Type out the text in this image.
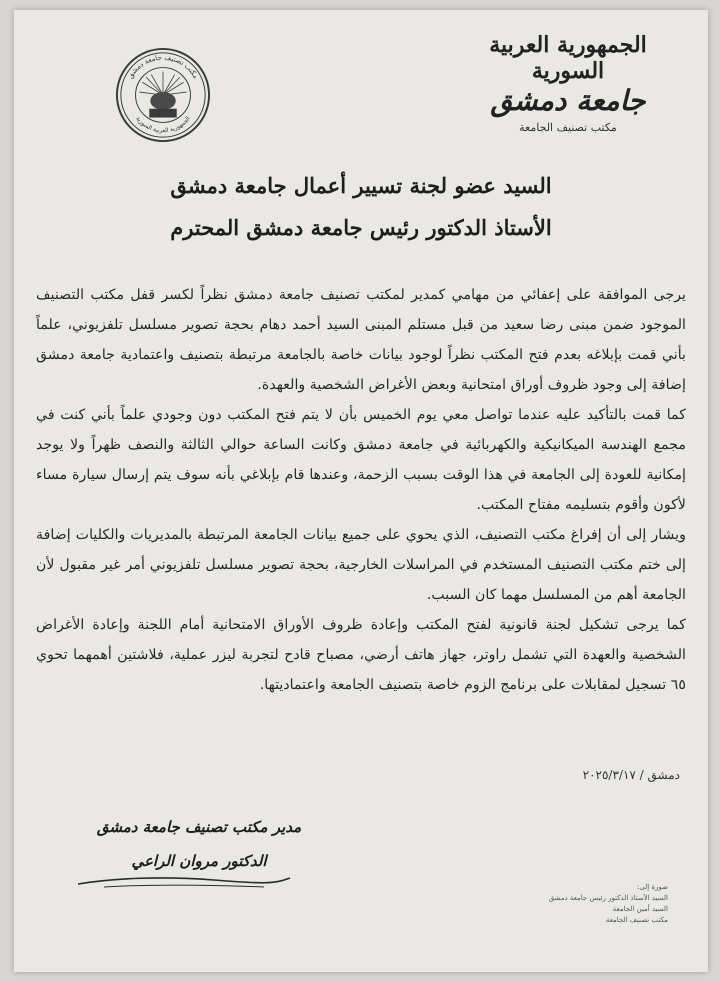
الجمهورية العربية السورية
جامعة دمشق
مكتب تصنيف الجامعة
مكتب تصنيف جامعة دمشق
الجمهورية العربية السورية
السيد عضو لجنة تسيير أعمال جامعة دمشق
الأستاذ الدكتور رئيس جامعة دمشق المحترم

يرجى الموافقة على إعفائي من مهامي كمدير لمكتب تصنيف جامعة دمشق نظراً لكسر قفل مكتب التصنيف الموجود ضمن مبنى رضا سعيد من قبل مستلم المبنى السيد أحمد دهام بحجة تصوير مسلسل تلفزيوني، علماً بأني قمت بإبلاغه بعدم فتح المكتب نظراً لوجود بيانات خاصة بالجامعة مرتبطة بتصنيف واعتمادية جامعة دمشق إضافة إلى وجود ظروف أوراق امتحانية وبعض الأغراض الشخصية والعهدة.

كما قمت بالتأكيد عليه عندما تواصل معي يوم الخميس بأن لا يتم فتح المكتب دون وجودي علماً بأني كنت في مجمع الهندسة الميكانيكية والكهربائية في جامعة دمشق وكانت الساعة حوالي الثالثة والنصف ظهراً ولا يوجد إمكانية للعودة إلى الجامعة في هذا الوقت بسبب الزحمة، وعندها قام بإبلاغي بأنه سوف يتم إرسال سيارة مساء لأكون وأقوم بتسليمه مفتاح المكتب.

ويشار إلى أن إفراغ مكتب التصنيف، الذي يحوي على جميع بيانات الجامعة المرتبطة بالمديريات والكليات إضافة إلى ختم مكتب التصنيف المستخدم في المراسلات الخارجية، بحجة تصوير مسلسل تلفزيوني أمر غير مقبول لأن الجامعة أهم من المسلسل مهما كان السبب.

كما يرجى تشكيل لجنة قانونية لفتح المكتب وإعادة ظروف الأوراق الامتحانية أمام اللجنة وإعادة الأغراض الشخصية والعهدة التي تشمل راوتر، جهاز هاتف أرضي، مصباح قادح لتجربة ليزر عملية، فلاشتين أهمهما تحوي ٦٥ تسجيل لمقابلات على برنامج الزوم خاصة بتصنيف الجامعة واعتماديتها.

دمشق / ٢٠٢٥/٣/١٧
مدير مكتب تصنيف جامعة دمشق
الدكتور مروان الراعي
صورة إلى:
السيد الأستاذ الدكتور رئيس جامعة دمشق
السيد أمين الجامعة
مكتب تصنيف الجامعة
